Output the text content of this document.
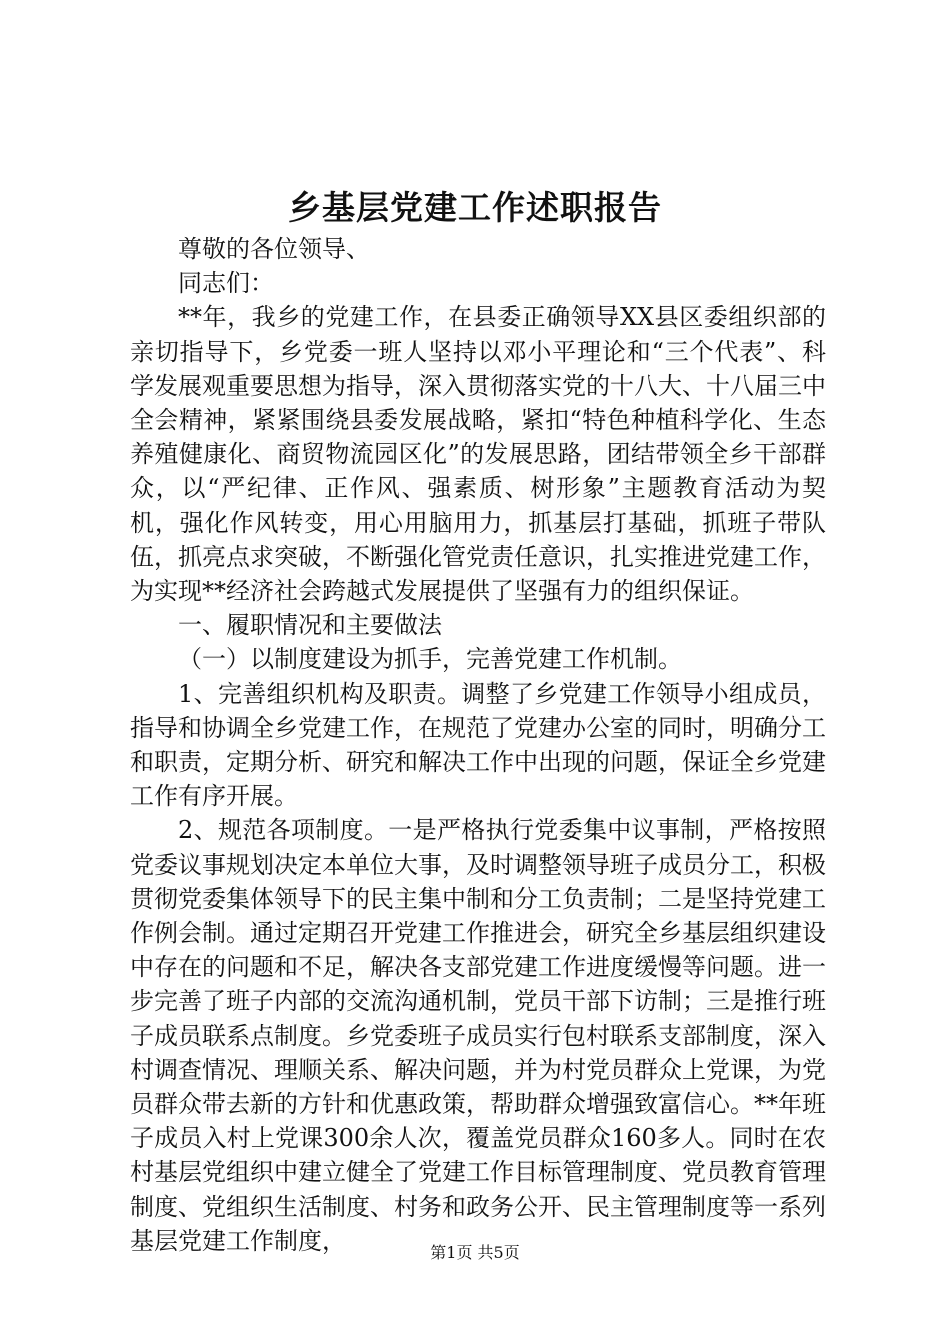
乡基层党建工作述职报告

尊敬的各位领导、

同志们：

**年，我乡的党建工作，在县委正确领导XX县区委组织部的亲切指导下，乡党委一班人坚持以邓小平理论和“三个代表”、科学发展观重要思想为指导，深入贯彻落实党的十八大、十八届三中全会精神，紧紧围绕县委发展战略，紧扣“特色种植科学化、生态养殖健康化、商贸物流园区化”的发展思路，团结带领全乡干部群众，以“严纪律、正作风、强素质、树形象”主题教育活动为契机，强化作风转变，用心用脑用力，抓基层打基础，抓班子带队伍，抓亮点求突破，不断强化管党责任意识，扎实推进党建工作，为实现**经济社会跨越式发展提供了坚强有力的组织保证。

一、履职情况和主要做法

（一）以制度建设为抓手，完善党建工作机制。

1、完善组织机构及职责。调整了乡党建工作领导小组成员，指导和协调全乡党建工作，在规范了党建办公室的同时，明确分工和职责，定期分析、研究和解决工作中出现的问题，保证全乡党建工作有序开展。

2、规范各项制度。一是严格执行党委集中议事制，严格按照党委议事规划决定本单位大事，及时调整领导班子成员分工，积极贯彻党委集体领导下的民主集中制和分工负责制；二是坚持党建工作例会制。通过定期召开党建工作推进会，研究全乡基层组织建设中存在的问题和不足，解决各支部党建工作进度缓慢等问题。进一步完善了班子内部的交流沟通机制，党员干部下访制；三是推行班子成员联系点制度。乡党委班子成员实行包村联系支部制度，深入村调查情况、理顺关系、解决问题，并为村党员群众上党课，为党员群众带去新的方针和优惠政策，帮助群众增强致富信心。**年班子成员入村上党课300余人次，覆盖党员群众160多人。同时在农村基层党组织中建立健全了党建工作目标管理制度、党员教育管理制度、党组织生活制度、村务和政务公开、民主管理制度等一系列基层党建工作制度，	第1页 共5页
